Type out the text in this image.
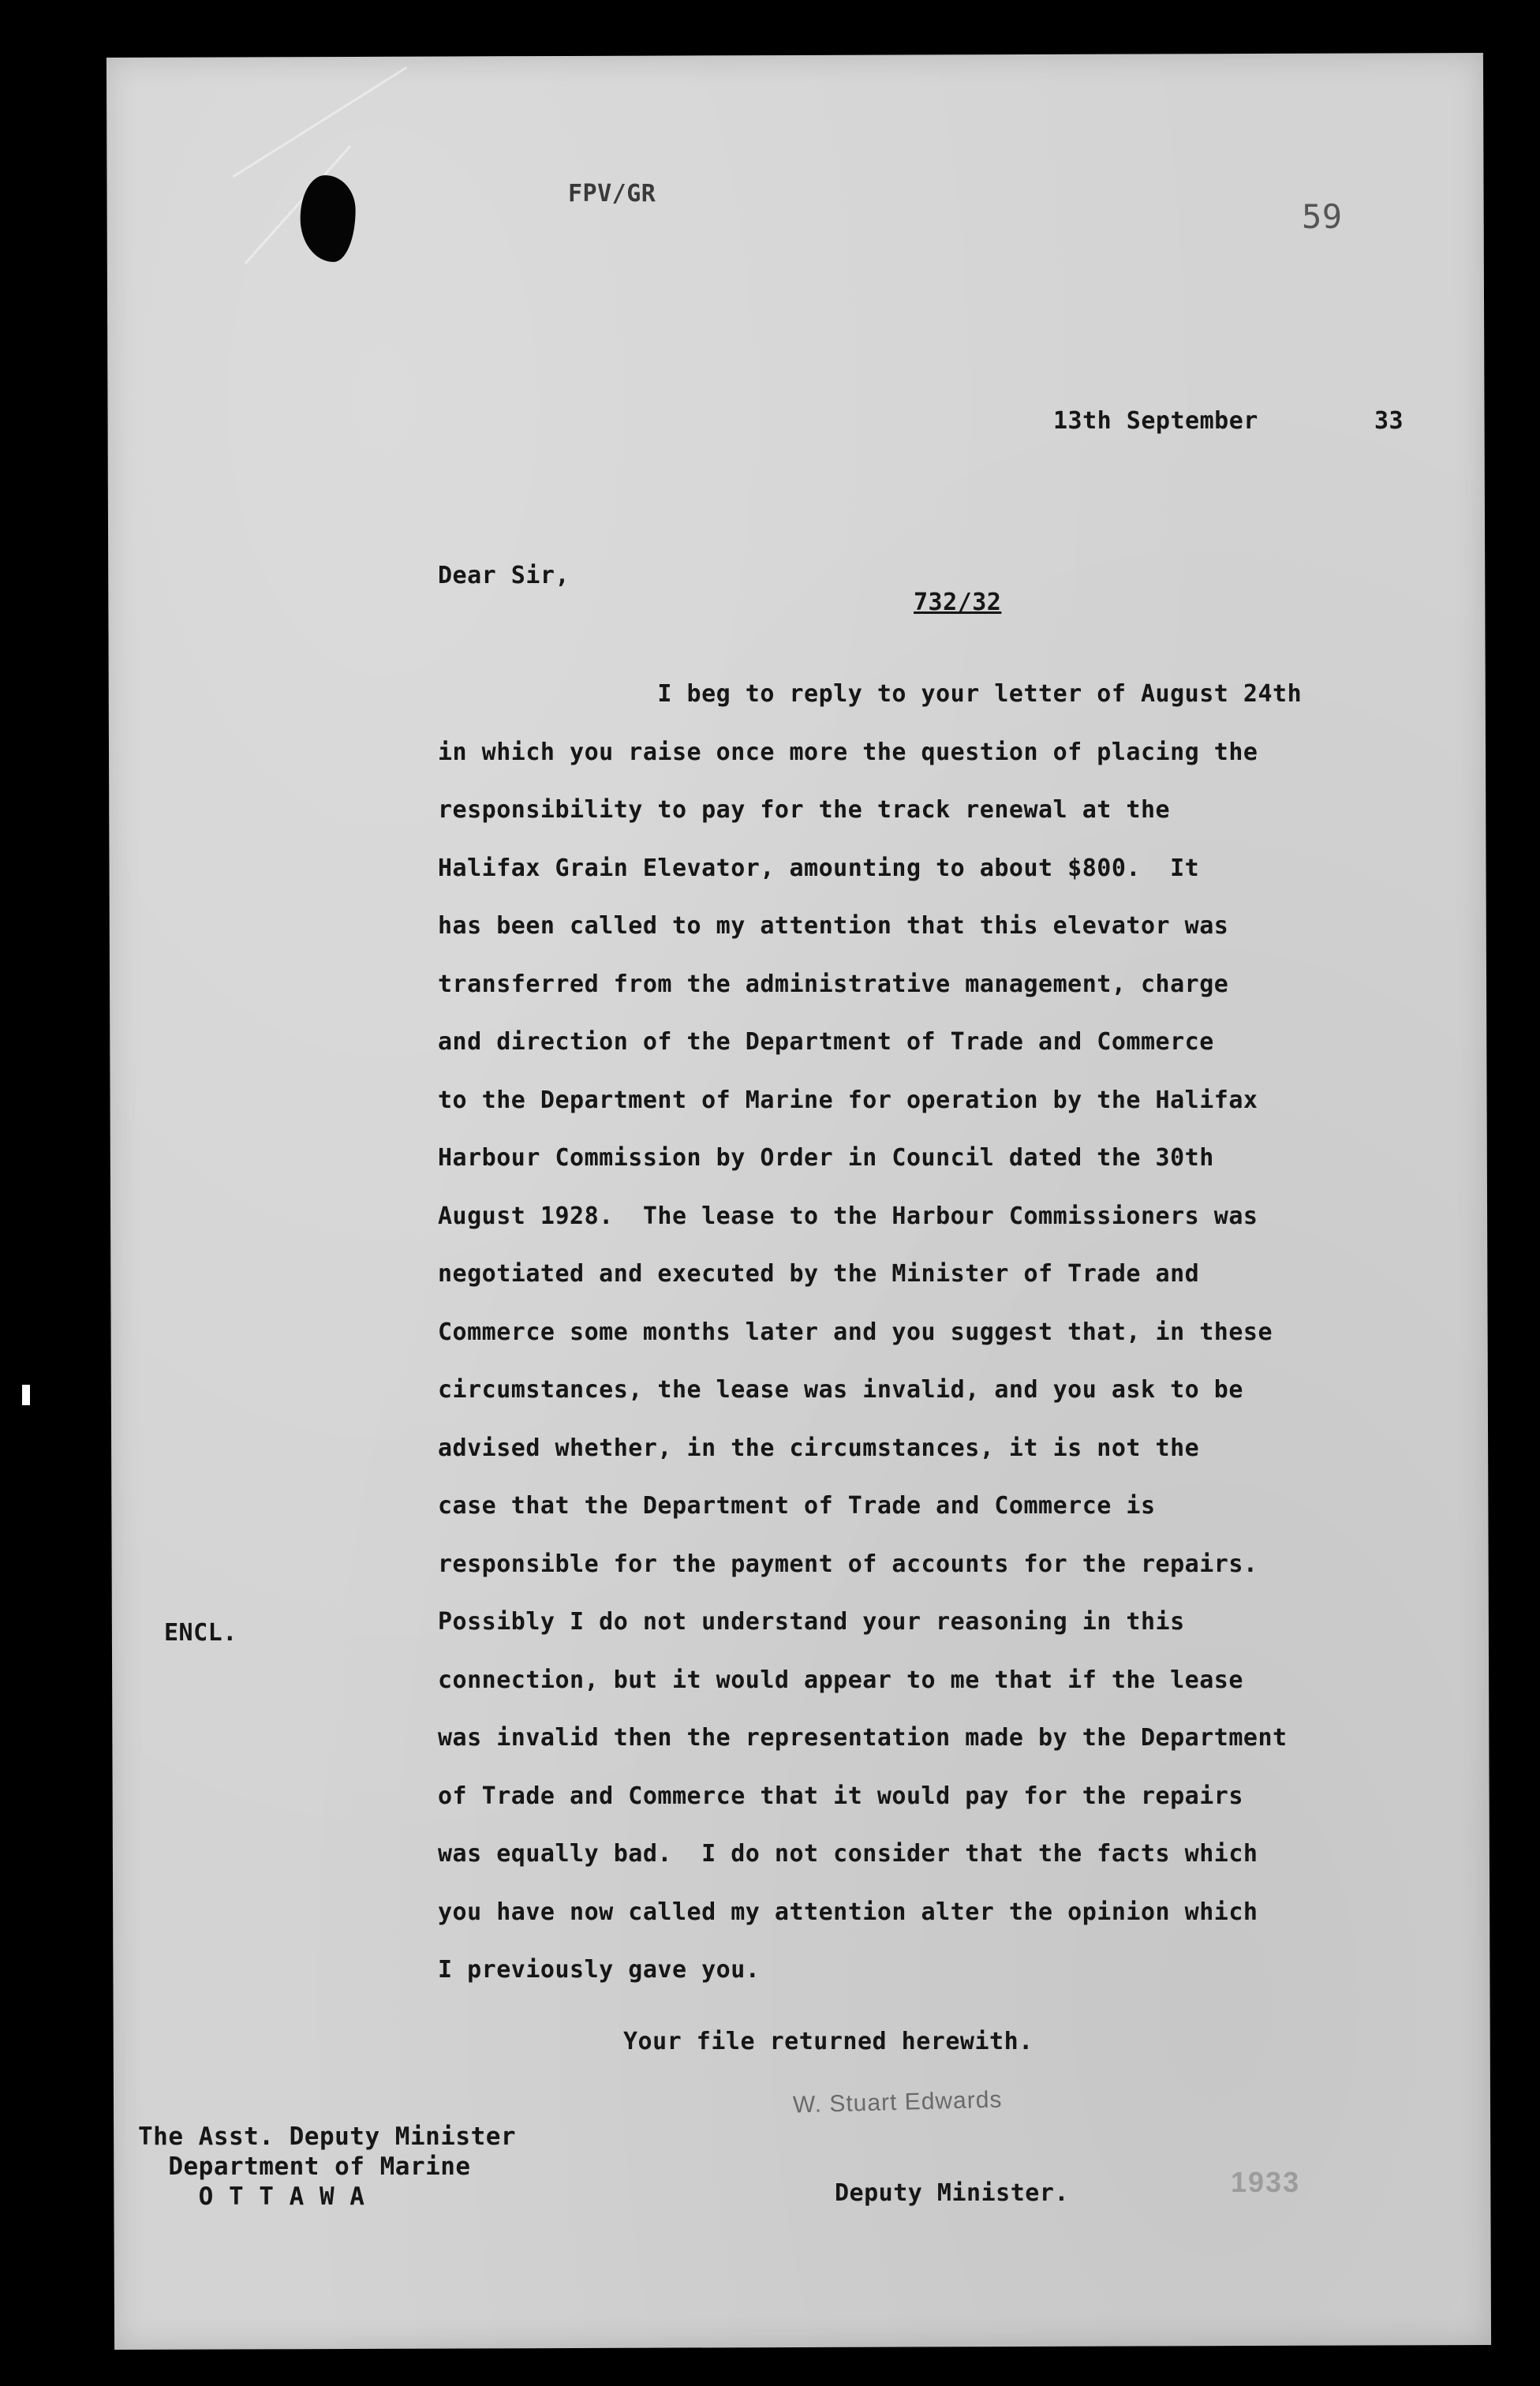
FPV/GR
59
13th September	33
Dear Sir,
732/32
I beg to reply to your letter of August 24th
in which you raise once more the question of placing the
responsibility to pay for the track renewal at the
Halifax Grain Elevator, amounting to about $800.  It
has been called to my attention that this elevator was
transferred from the administrative management, charge
and direction of the Department of Trade and Commerce
to the Department of Marine for operation by the Halifax
Harbour Commission by Order in Council dated the 30th
August 1928.  The lease to the Harbour Commissioners was
negotiated and executed by the Minister of Trade and
Commerce some months later and you suggest that, in these
circumstances, the lease was invalid, and you ask to be
advised whether, in the circumstances, it is not the
case that the Department of Trade and Commerce is
responsible for the payment of accounts for the repairs.
Possibly I do not understand your reasoning in this
connection, but it would appear to me that if the lease
was invalid then the representation made by the Department
of Trade and Commerce that it would pay for the repairs
was equally bad.  I do not consider that the facts which
you have now called my attention alter the opinion which
I previously gave you.
ENCL.
Your file returned herewith.
W. Stuart Edwards
Deputy Minister.	1933
The Asst. Deputy Minister
Department of Marine
O T T A W A
